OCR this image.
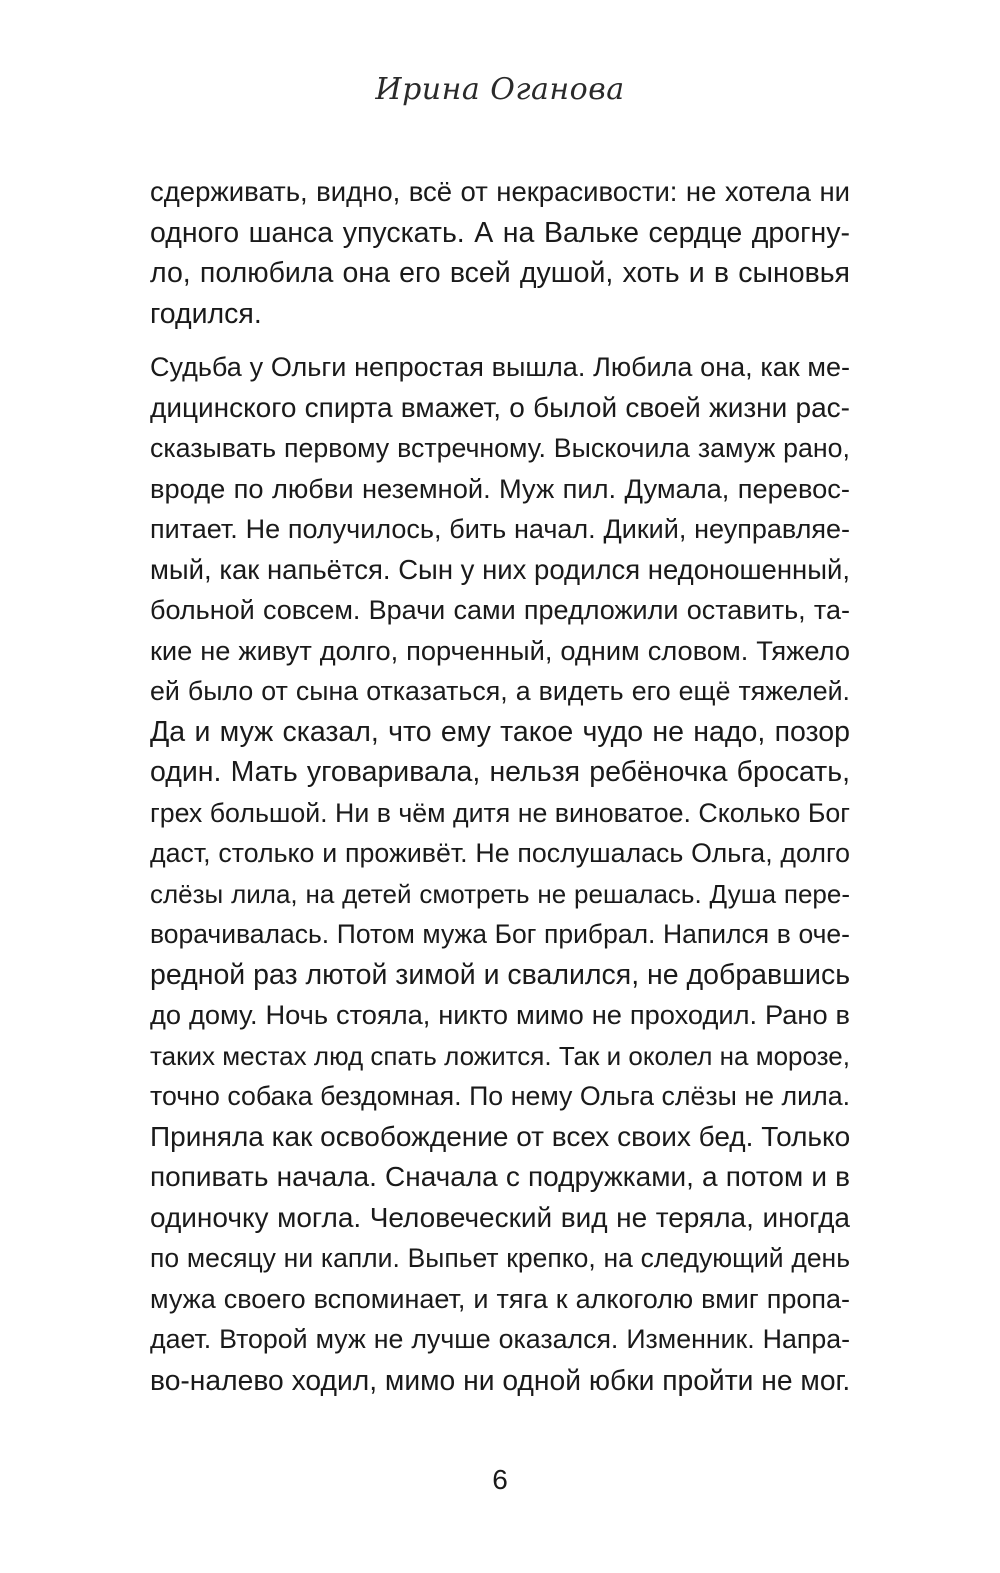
Ирина Оганова

сдерживать, видно, всё от некрасивости: не хотела ни
одного шанса упускать. А на Вальке сердце дрогну-
ло, полюбила она его всей душой, хоть и в сыновья
годился.

Судьба у Ольги непростая вышла. Любила она, как ме-
дицинского спирта вмажет, о былой своей жизни рас-
сказывать первому встречному. Выскочила замуж рано,
вроде по любви неземной. Муж пил. Думала, перевос-
питает. Не получилось, бить начал. Дикий, неуправляе-
мый, как напьётся. Сын у них родился недоношенный,
больной совсем. Врачи сами предложили оставить, та-
кие не живут долго, порченный, одним словом. Тяжело
ей было от сына отказаться, а видеть его ещё тяжелей.
Да и муж сказал, что ему такое чудо не надо, позор
один. Мать уговаривала, нельзя ребёночка бросать,
грех большой. Ни в чём дитя не виноватое. Сколько Бог
даст, столько и проживёт. Не послушалась Ольга, долго
слёзы лила, на детей смотреть не решалась. Душа пере-
ворачивалась. Потом мужа Бог прибрал. Напился в оче-
редной раз лютой зимой и свалился, не добравшись
до дому. Ночь стояла, никто мимо не проходил. Рано в
таких местах люд спать ложится. Так и околел на морозе,
точно собака бездомная. По нему Ольга слёзы не лила.
Приняла как освобождение от всех своих бед. Только
попивать начала. Сначала с подружками, а потом и в
одиночку могла. Человеческий вид не теряла, иногда
по месяцу ни капли. Выпьет крепко, на следующий день
мужа своего вспоминает, и тяга к алкоголю вмиг пропа-
дает. Второй муж не лучше оказался. Изменник. Напра-
во-налево ходил, мимо ни одной юбки пройти не мог.

6
